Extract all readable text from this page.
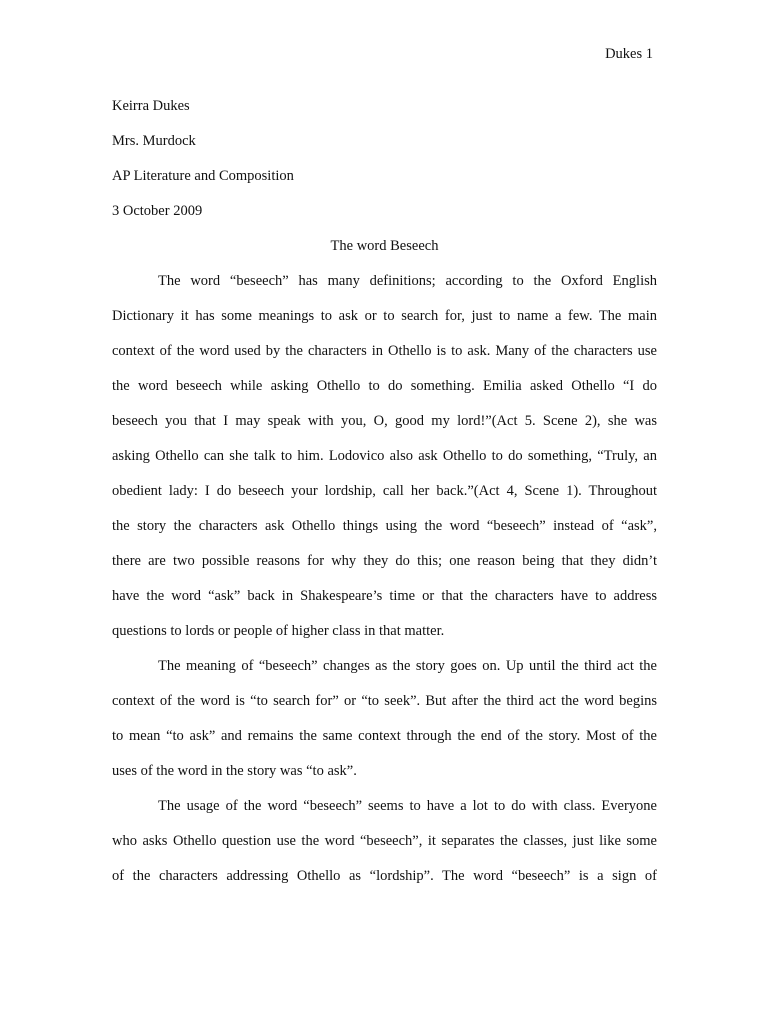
Dukes 1
Keirra Dukes
Mrs. Murdock
AP Literature and Composition
3 October 2009
The word Beseech
The word “beseech” has many definitions; according to the Oxford English
Dictionary it has some meanings to ask or to search for, just to name a few. The main
context of the word used by the characters in Othello is to ask. Many of the characters use
the word beseech while asking Othello to do something. Emilia asked Othello “I do
beseech you that I may speak with you, O, good my lord!”(Act 5. Scene 2), she was
asking Othello can she talk to him. Lodovico also ask Othello to do something, “Truly, an
obedient lady: I do beseech your lordship, call her back.”(Act 4, Scene 1). Throughout
the story the characters ask Othello things using the word “beseech” instead of “ask”,
there are two possible reasons for why they do this; one reason being that they didn’t
have the word “ask” back in Shakespeare’s time or that the characters have to address
questions to lords or people of higher class in that matter.
The meaning of “beseech” changes as the story goes on. Up until the third act the
context of the word is “to search for” or “to seek”. But after the third act the word begins
to mean “to ask” and remains the same context through the end of the story. Most of the
uses of the word in the story was “to ask”.
The usage of the word “beseech” seems to have a lot to do with class. Everyone
who asks Othello question use the word “beseech”, it separates the classes, just like some
of the characters addressing Othello as “lordship”. The word “beseech” is a sign of
